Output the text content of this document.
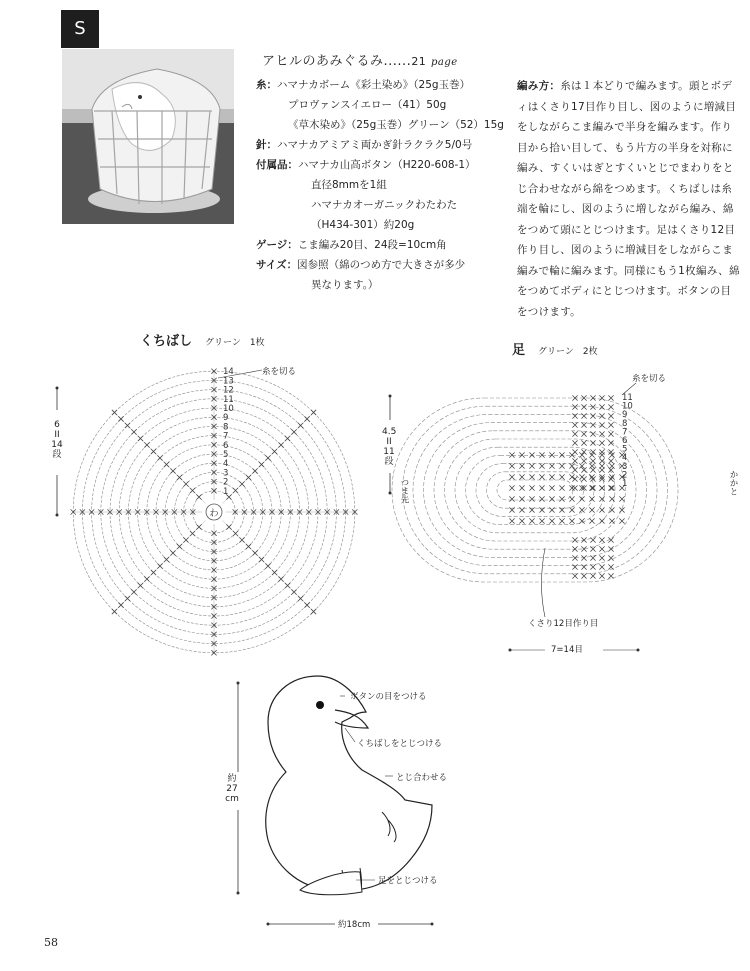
S
アヒルのあみぐるみ......21 page
糸：ハマナカボーム《彩土染め》（25g玉巻）
プロヴァンスイエロー（41）50g
《草木染め》（25g玉巻）グリーン（52）15g
針：ハマナカアミアミ両かぎ針ラクラク5/0号
付属品：ハマナカ山高ボタン（H220-608-1）
直径8mmを1組
ハマナカオーガニックわたわた
（H434-301）約20g
ゲージ：こま編み20目、24段=10cm角
サイズ：図参照（綿のつめ方で大きさが多少
異なります。）
編み方：糸は１本どりで編みます。頭とボディはくさり17目作り目し、図のように増減目をしながらこま編みで半身を編みます。作り目から拾い目して、もう片方の半身を対称に編み、すくいはぎとすくいとじでまわりをとじ合わせながら綿をつめます。くちばしは糸端を輪にし、図のように増しながら編み、綿をつめて頭にとじつけます。足はくさり12目作り目し、図のように増減目をしながらこま編みで輪に編みます。同様にもう1枚編み、綿をつめてボディにとじつけます。ボタンの目をつけます。
くちばし　 グリーン　1枚
糸を切る
6
II
14
段
わ
14
13
12
11
10
9
8
7
6
5
4
3
2
1
足　 グリーン　2枚
糸を切る
4.5
II
11
段
つま先	かかと
くさり12目作り目
7=14目
11
10
9
8
7
6
5
4
3
2
1
ボタンの目をつける
くちばしをとじつける
とじ合わせる
足をとじつける
約
27
cm
約18cm
58
